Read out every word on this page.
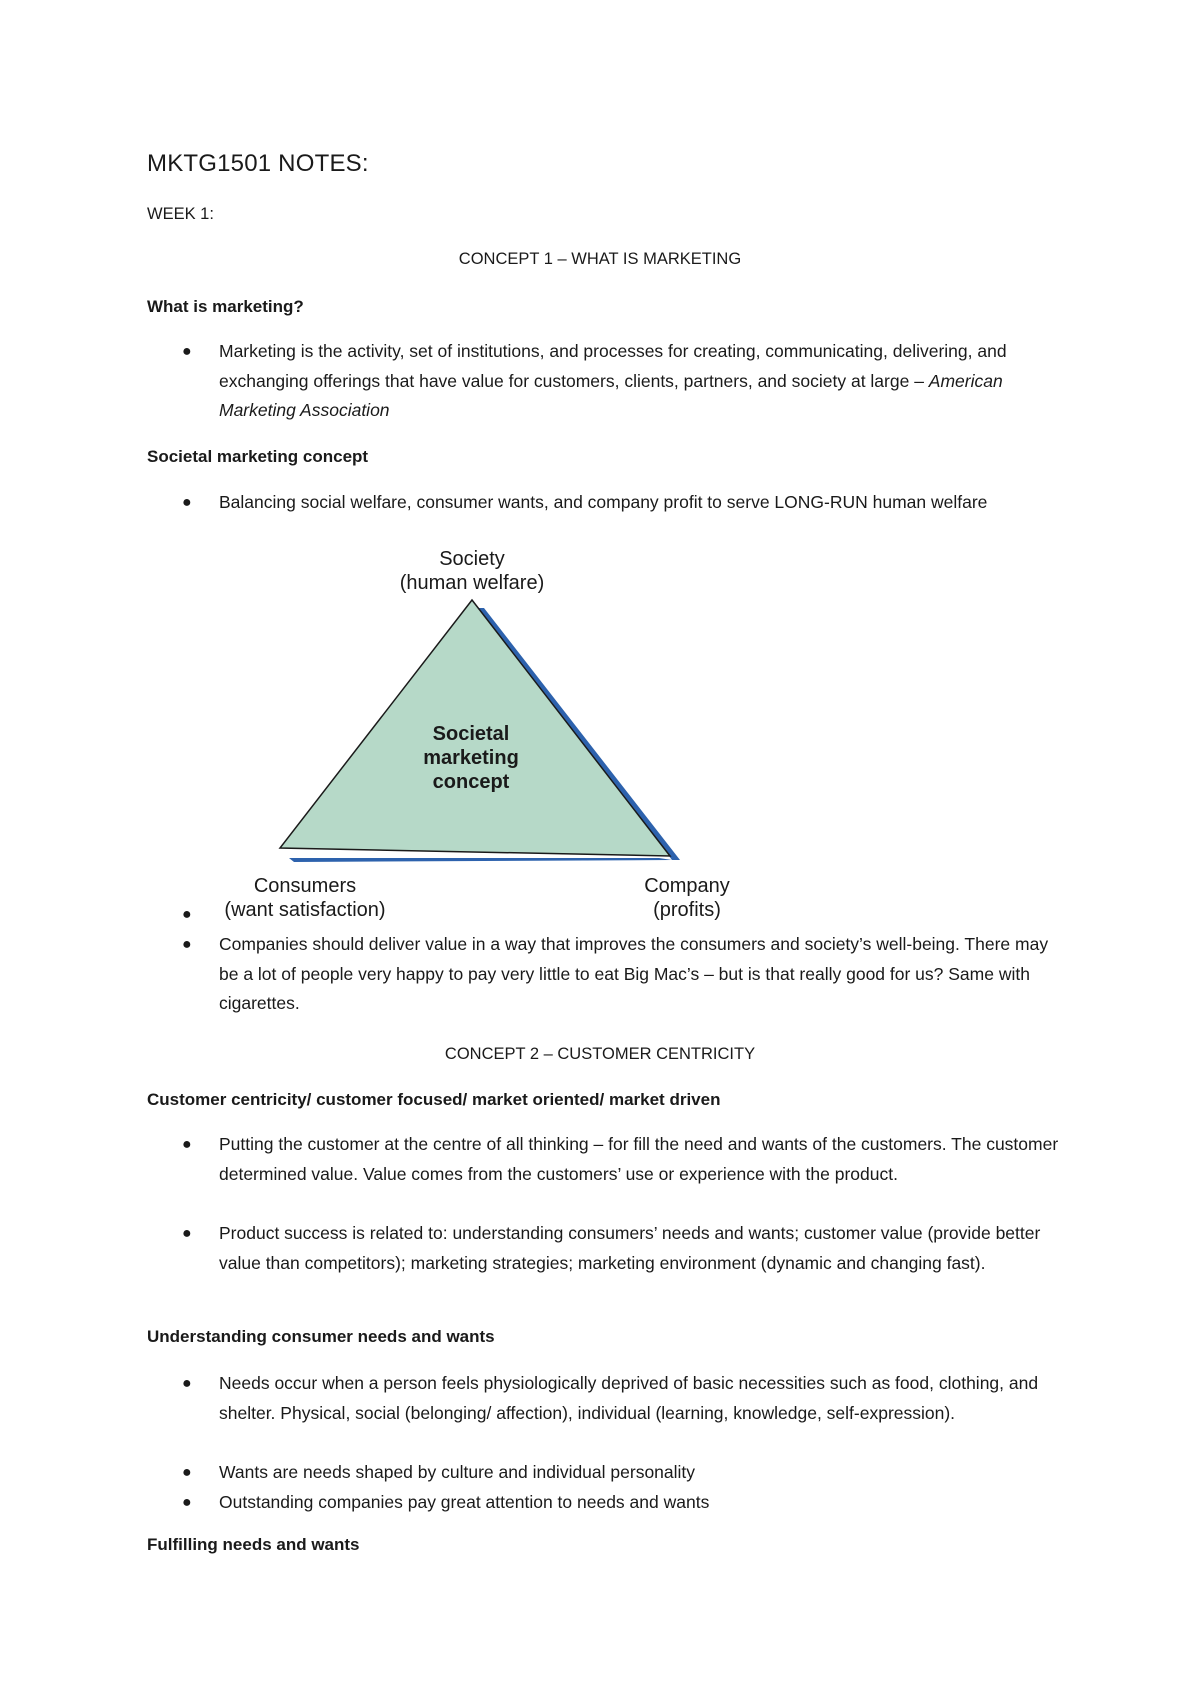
MKTG1501 NOTES:
WEEK 1:
CONCEPT 1 – WHAT IS MARKETING
What is marketing?
● Marketing is the activity, set of institutions, and processes for creating, communicating, delivering, and exchanging offerings that have value for customers, clients, partners, and society at large – American Marketing Association
Societal marketing concept
● Balancing social welfare, consumer wants, and company profit to serve LONG-RUN human welfare
Society
(human welfare)
Societal
marketing
concept
Consumers
(want satisfaction)
Company
(profits)
●
● Companies should deliver value in a way that improves the consumers and society’s well-being. There may be a lot of people very happy to pay very little to eat Big Mac’s – but is that really good for us? Same with cigarettes.
CONCEPT 2 – CUSTOMER CENTRICITY
Customer centricity/ customer focused/ market oriented/ market driven
● Putting the customer at the centre of all thinking – for fill the need and wants of the customers. The customer determined value. Value comes from the customers’ use or experience with the product.
● Product success is related to: understanding consumers’ needs and wants; customer value (provide better value than competitors); marketing strategies; marketing environment (dynamic and changing fast).
Understanding consumer needs and wants
● Needs occur when a person feels physiologically deprived of basic necessities such as food, clothing, and shelter. Physical, social (belonging/ affection), individual (learning, knowledge, self-expression).
● Wants are needs shaped by culture and individual personality
● Outstanding companies pay great attention to needs and wants
Fulfilling needs and wants
